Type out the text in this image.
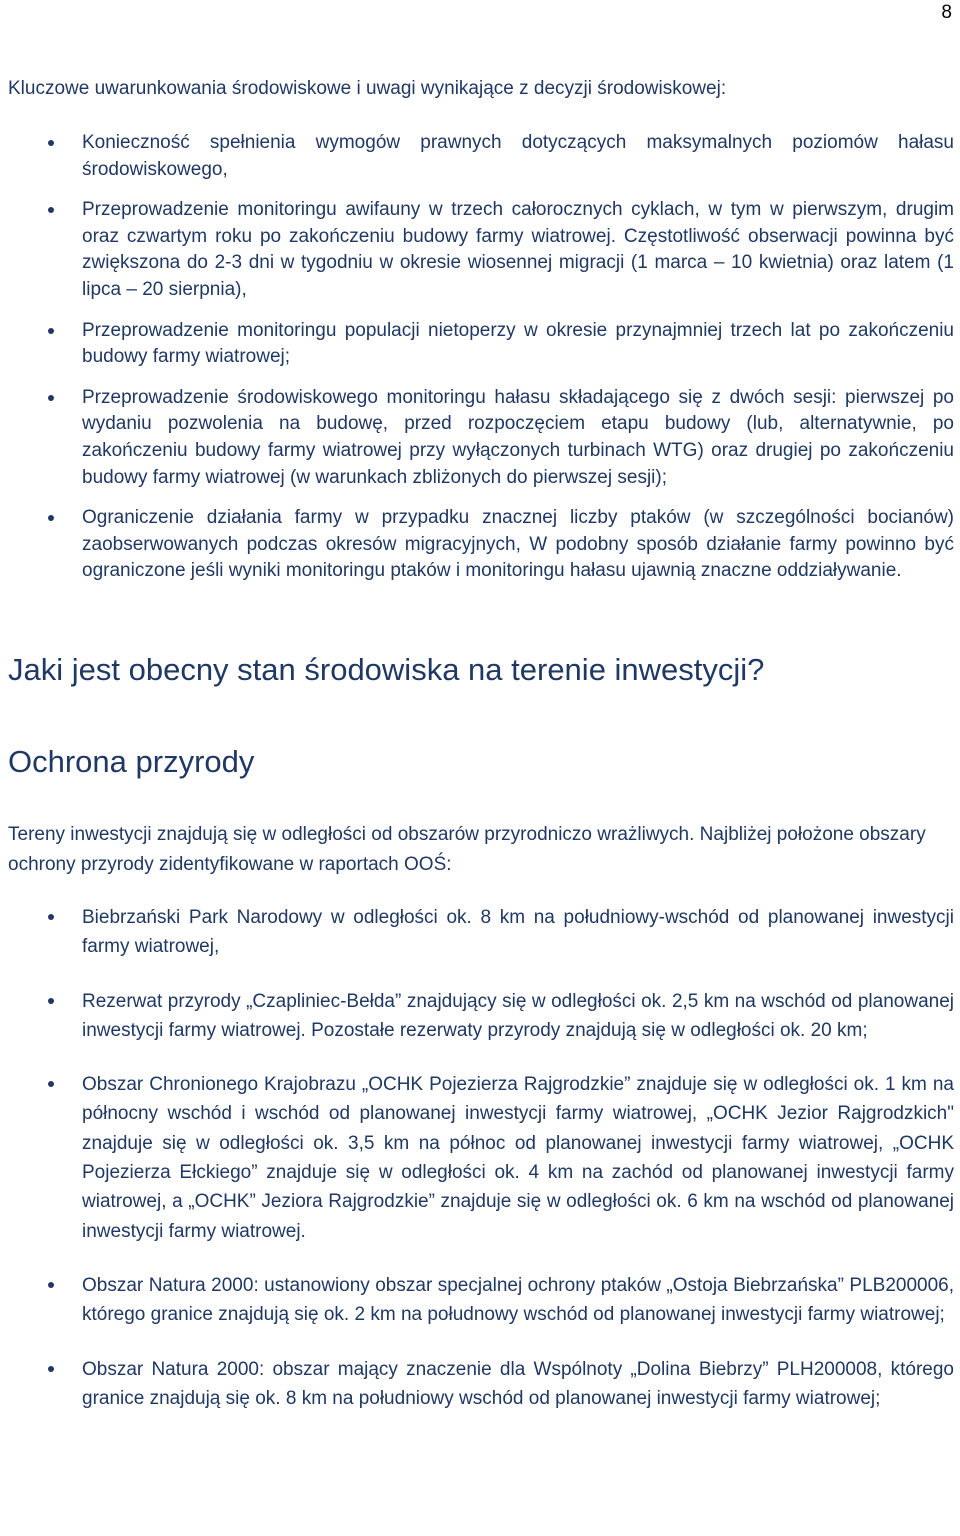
8

Kluczowe uwarunkowania środowiskowe i uwagi wynikające z decyzji środowiskowej:

Konieczność spełnienia wymogów prawnych dotyczących maksymalnych poziomów hałasu środowiskowego,
Przeprowadzenie monitoringu awifauny w trzech całorocznych cyklach, w tym w pierwszym, drugim oraz czwartym roku po zakończeniu budowy farmy wiatrowej. Częstotliwość obserwacji powinna być zwiększona do 2-3 dni w tygodniu w okresie wiosennej migracji (1 marca – 10 kwietnia) oraz latem (1 lipca – 20 sierpnia),
Przeprowadzenie monitoringu populacji nietoperzy w okresie przynajmniej trzech lat po zakończeniu budowy farmy wiatrowej;
Przeprowadzenie środowiskowego monitoringu hałasu składającego się z dwóch sesji: pierwszej po wydaniu pozwolenia na budowę, przed rozpoczęciem etapu budowy (lub, alternatywnie, po zakończeniu budowy farmy wiatrowej przy wyłączonych turbinach WTG) oraz drugiej po zakończeniu budowy farmy wiatrowej (w warunkach zbliżonych do pierwszej sesji);
Ograniczenie działania farmy w przypadku znacznej liczby ptaków (w szczególności bocianów) zaobserwowanych podczas okresów migracyjnych, W podobny sposób działanie farmy powinno być ograniczone jeśli wyniki monitoringu ptaków i monitoringu hałasu ujawnią znaczne oddziaływanie.
Jaki jest obecny stan środowiska na terenie inwestycji?
Ochrona przyrody

Tereny inwestycji znajdują się w odległości od obszarów przyrodniczo wrażliwych. Najbliżej położone obszary ochrony przyrody zidentyfikowane w raportach OOŚ:

Biebrzański Park Narodowy w odległości ok. 8 km na południowy-wschód od planowanej inwestycji farmy wiatrowej,
Rezerwat przyrody „Czapliniec-Bełda” znajdujący się w odległości ok. 2,5 km na wschód od planowanej inwestycji farmy wiatrowej. Pozostałe rezerwaty przyrody znajdują się w odległości ok. 20 km;
Obszar Chronionego Krajobrazu „OCHK Pojezierza Rajgrodzkie” znajduje się w odległości ok. 1 km na północny wschód i wschód od planowanej inwestycji farmy wiatrowej, „OCHK Jezior Rajgrodzkich" znajduje się w odległości ok. 3,5 km na północ od planowanej inwestycji farmy wiatrowej, „OCHK Pojezierza Ełckiego” znajduje się w odległości ok. 4 km na zachód od planowanej inwestycji farmy wiatrowej, a „OCHK” Jeziora Rajgrodzkie” znajduje się w odległości ok. 6 km na wschód od planowanej inwestycji farmy wiatrowej.
Obszar Natura 2000: ustanowiony obszar specjalnej ochrony ptaków „Ostoja Biebrzańska” PLB200006, którego granice znajdują się ok. 2 km na połudnowy wschód od planowanej inwestycji farmy wiatrowej;
Obszar Natura 2000: obszar mający znaczenie dla Wspólnoty „Dolina Biebrzy” PLH200008, którego granice znajdują się ok. 8 km na południowy wschód od planowanej inwestycji farmy wiatrowej;
